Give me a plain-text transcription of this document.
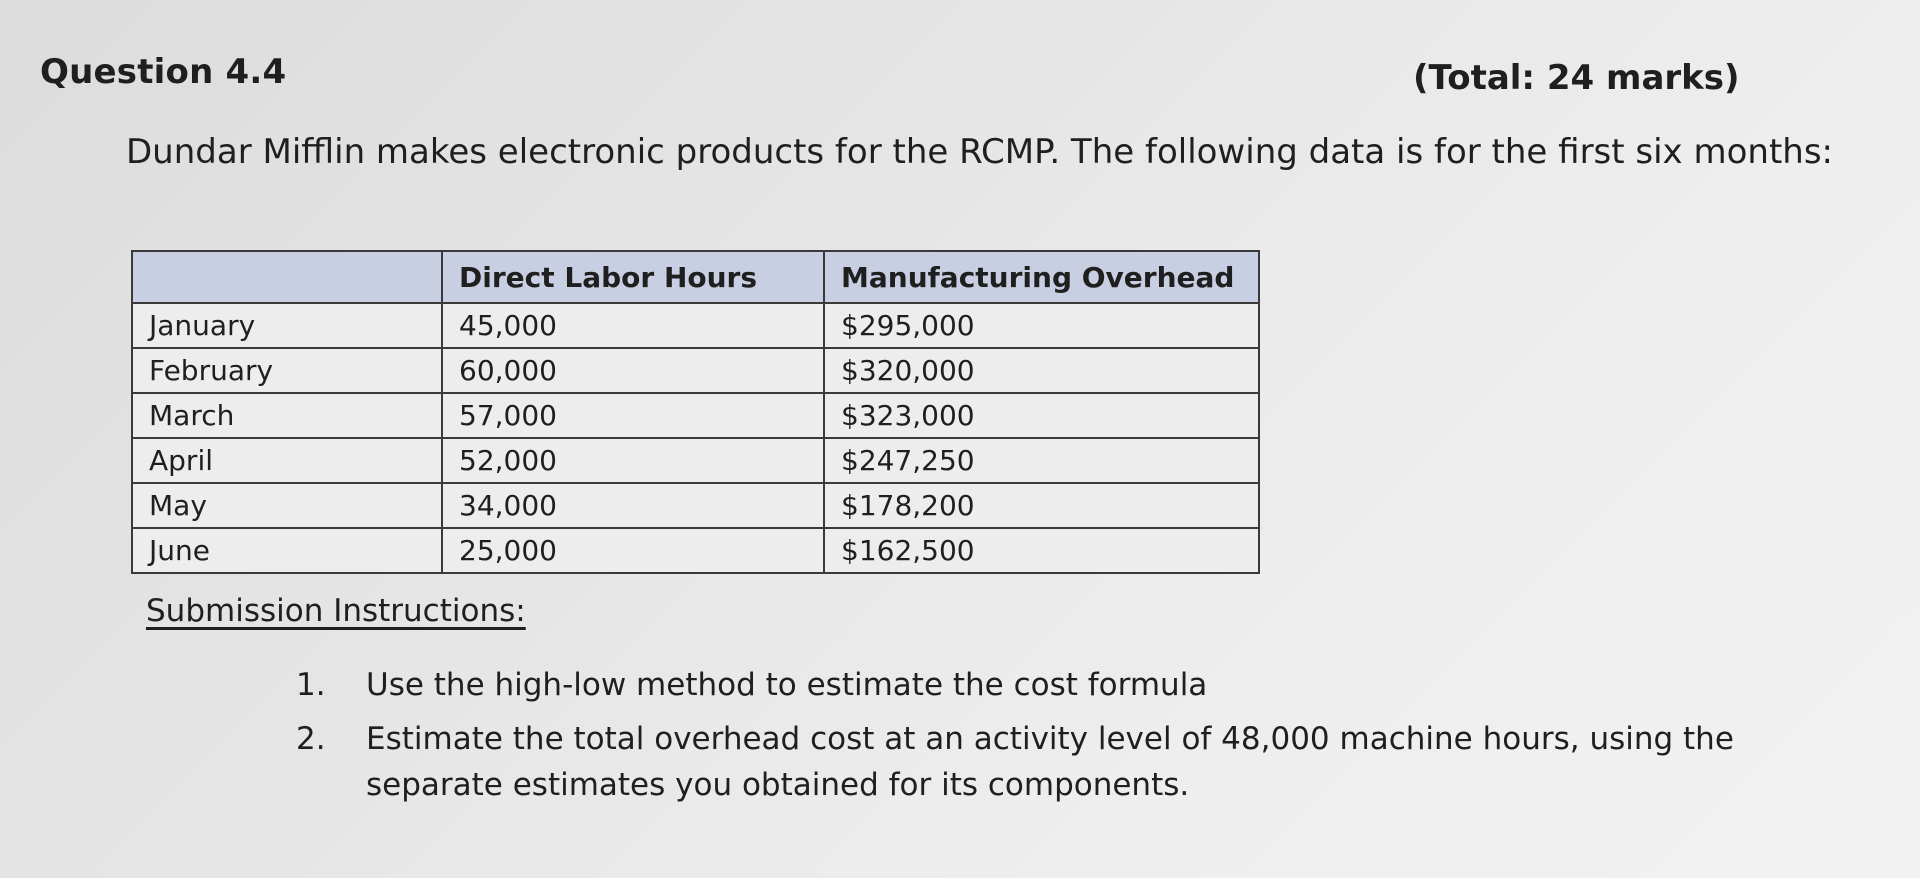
Question 4.4	(Total: 24 marks)
Dundar Mifflin makes electronic products for the RCMP. The following data is for the first six months:
	Direct Labor Hours	Manufacturing Overhead
January	45,000	$295,000
February	60,000	$320,000
March	57,000	$323,000
April	52,000	$247,250
May	34,000	$178,200
June	25,000	$162,500
Submission Instructions:
1. Use the high-low method to estimate the cost formula
2. Estimate the total overhead cost at an activity level of 48,000 machine hours, using the separate estimates you obtained for its components.
